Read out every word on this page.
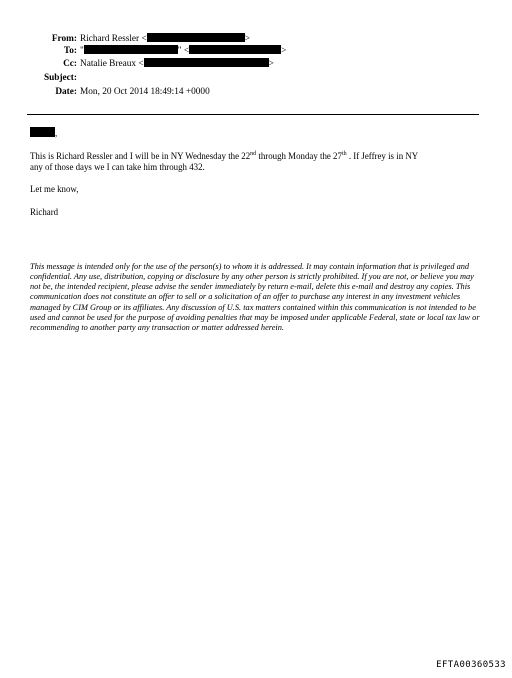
From: Richard Ressler <	>
To: "	" <	>
Cc: Natalie Breaux <	>
Subject:
Date: Mon, 20 Oct 2014 18:49:14 +0000
,
This is Richard Ressler and I will be in NY Wednesday the 22nd through Monday the 27th . If Jeffrey is in NY
any of those days we I can take him through 432.
Let me know,
Richard
This message is intended only for the use of the person(s) to whom it is addressed. It may contain information that is privileged and confidential. Any use, distribution, copying or disclosure by any other person is strictly prohibited. If you are not, or believe you may not be, the intended recipient, please advise the sender immediately by return e-mail, delete this e-mail and destroy any copies. This communication does not constitute an offer to sell or a solicitation of an offer to purchase any interest in any investment vehicles managed by CIM Group or its affiliates. Any discussion of U.S. tax matters contained within this communication is not intended to be used and cannot be used for the purpose of avoiding penalties that may be imposed under applicable Federal, state or local tax law or recommending to another party any transaction or matter addressed herein.
EFTA00360533
